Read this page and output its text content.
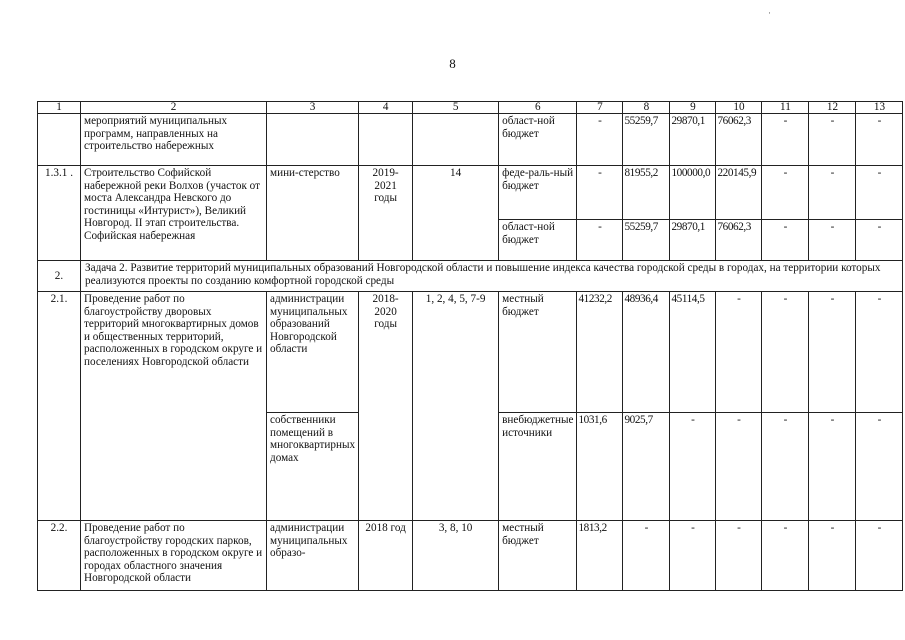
·
8
1	2	3	4	5	6	7	8	9	10	11	12	13
	мероприятий муниципальных программ, направленных на строительство набережных				област-ной бюджет	-	55259,7	29870,1	76062,3	-	-	-
1.3.1 .	Строительство Софийской набережной реки Волхов (участок от моста Александра Невского до гостиницы «Интурист»), Великий Новгород. II этап строительства. Софийская набережная	мини-стерство	2019-2021 годы	14	феде-раль-ный бюджет	-	81955,2	100000,0	220145,9	-	-	-
					област-ной бюджет	-	55259,7	29870,1	76062,3	-	-	-
2.	Задача 2. Развитие территорий муниципальных образований Новгородской области и повышение индекса качества городской среды в городах, на территории которых реализуются проекты по созданию комфортной городской среды											
2.1.	Проведение работ по благоустройству дворовых территорий многоквартирных домов и общественных территорий, расположенных в городском округе и поселениях Новгородской области	администрации муниципальных образований Новгородской области	2018-2020 годы	1, 2, 4, 5, 7-9	местный бюджет	41232,2	48936,4	45114,5	-	-	-	-
		собственники помещений в многоквартирных домах			внебюджетные источники	1031,6	9025,7	-	-	-	-	-
2.2.	Проведение работ по благоустройству городских парков, расположенных в городском округе и городах областного значения Новгородской области	администрации муниципальных образо-	2018 год	3, 8, 10	местный бюджет	1813,2	-	-	-	-	-	-
